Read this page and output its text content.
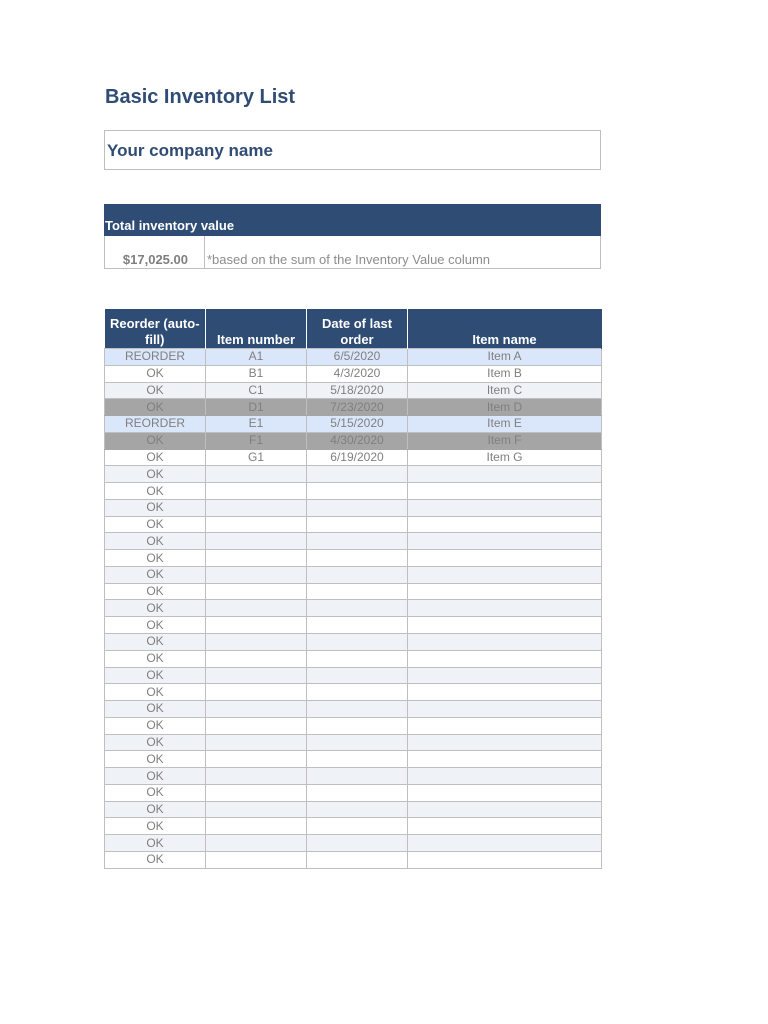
Basic Inventory List
Your company name
Total inventory value
$17,025.00	*based on the sum of the Inventory Value column
Reorder (auto-fill)	Item number	Date of last order	Item name
REORDER	A1	6/5/2020	Item A
OK	B1	4/3/2020	Item B
OK	C1	5/18/2020	Item C
OK	D1	7/23/2020	Item D
REORDER	E1	5/15/2020	Item E
OK	F1	4/30/2020	Item F
OK	G1	6/19/2020	Item G
OK			
OK			
OK			
OK			
OK			
OK			
OK			
OK			
OK			
OK			
OK			
OK			
OK			
OK			
OK			
OK			
OK			
OK			
OK			
OK			
OK			
OK			
OK			
OK			
